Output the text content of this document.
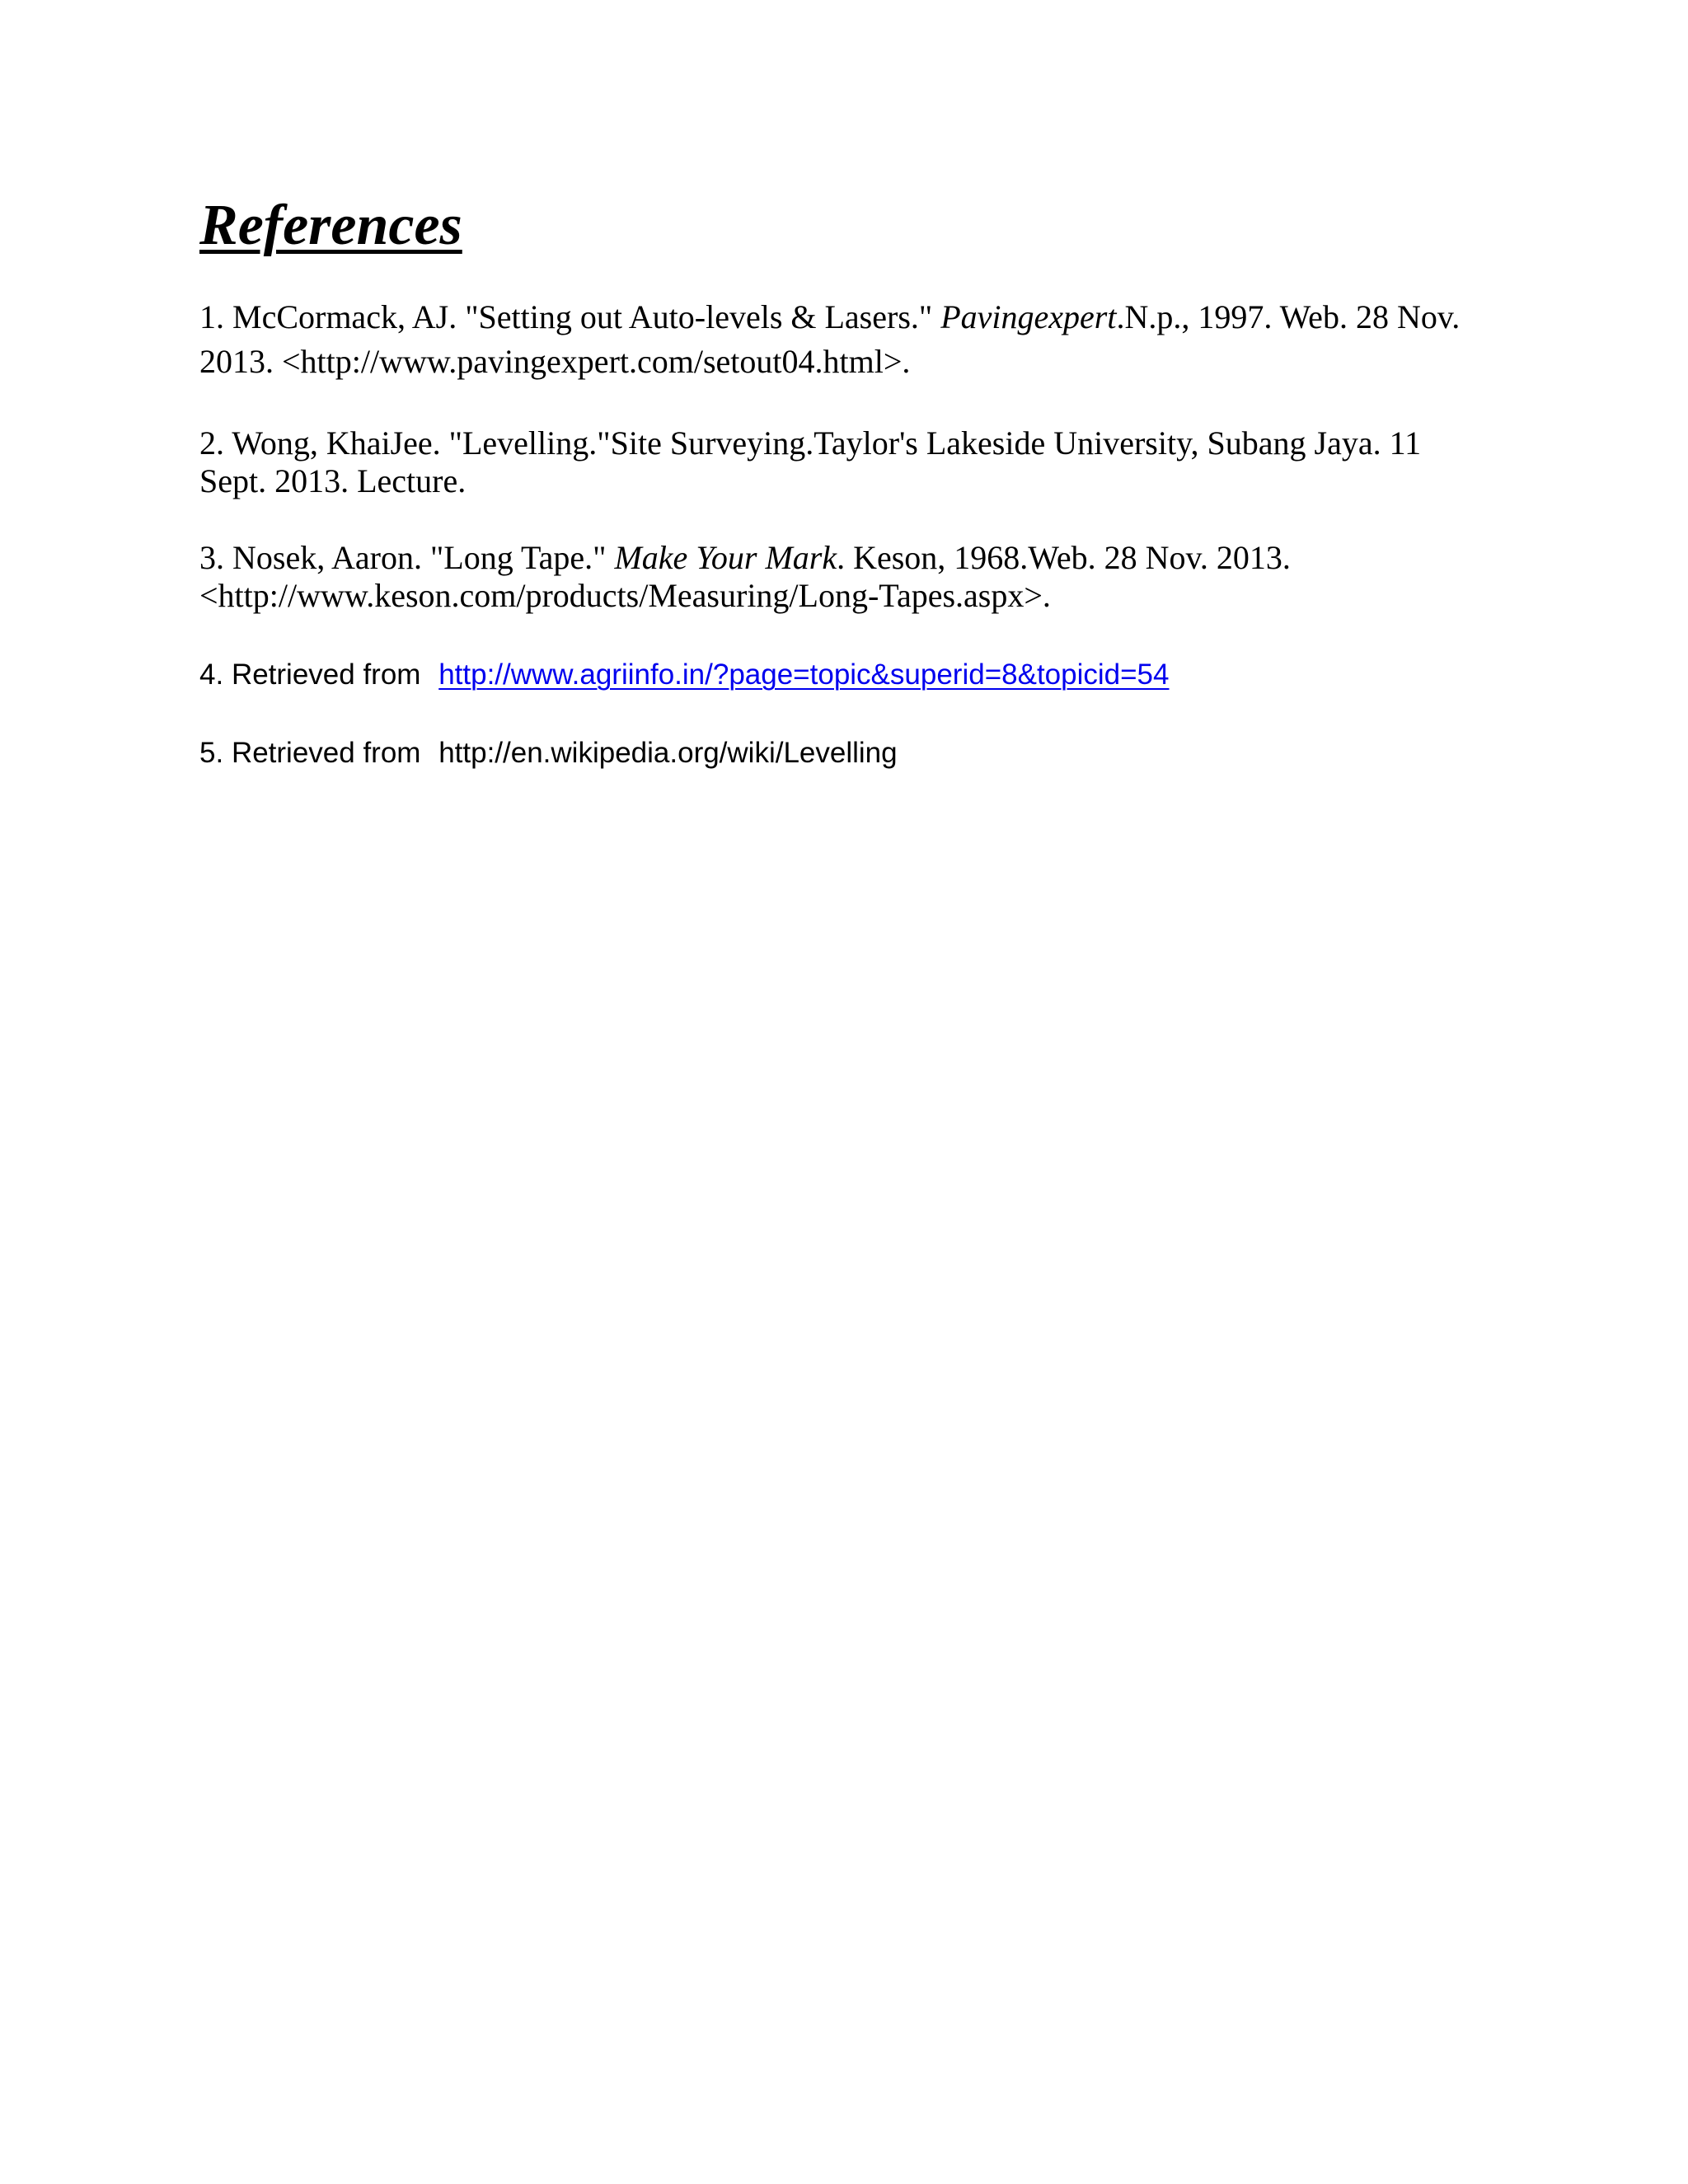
References

1. McCormack, AJ. "Setting out Auto-levels & Lasers." Pavingexpert.N.p., 1997. Web. 28 Nov.
2013. <http://www.pavingexpert.com/setout04.html>.

2. Wong, KhaiJee. "Levelling."Site Surveying.Taylor's Lakeside University, Subang Jaya. 11
Sept. 2013. Lecture.

3. Nosek, Aaron. "Long Tape." Make Your Mark. Keson, 1968.Web. 28 Nov. 2013.
<http://www.keson.com/products/Measuring/Long-Tapes.aspx>.

4. Retrieved from http://www.agriinfo.in/?page=topic&superid=8&topicid=54

5. Retrieved from http://en.wikipedia.org/wiki/Levelling
